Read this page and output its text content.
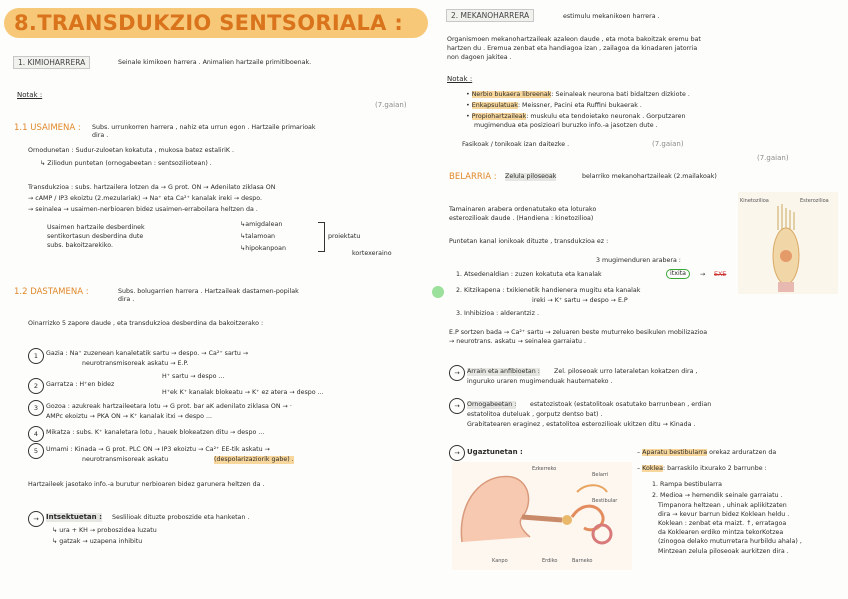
8.TRANSDUKZIO SENTSORIALA :
1. KIMIOHARRERA	Seinale kimikoen harrera . Animalien hartzaile primitiboenak.
Notak :
(7.gaian)
1.1 USAIMENA : Subs. urrunkorren harrera , nahiz eta urrun egon . Hartzaile primarioak
dira .
Ornodunetan : Sudur-zuloetan kokatuta , mukosa batez estaliriK .
↳ Ziliodun puntetan (ornogabeetan : sentsoziliotean) .
Transdukzioa : subs. hartzailera lotzen da → G prot. ON → Adenilato ziklasa ON
→ cAMP / IP3 ekoiztu (2.mezulariak) → Na⁺ eta Ca²⁺ kanalak ireki → despo.
→ seinalea → usaimen-nerbioaren bidez usaimen-erraboilara heltzen da .
Usaimen hartzaile desberdinek
sentikortasun desberdina dute
subs. bakoitzarekiko.
↳amigdalean
↳talamoan
↳hipokanpoan
proiektatu
kortexeraino
1.2 DASTAMENA :	Subs. bolugarrien harrera . Hartzaileak dastamen-popilak
dira .
Oinarrizko 5 zapore daude , eta transdukzioa desberdina da bakoitzerako :
1	Gazia : Na⁺ zuzenean kanaletatik sartu → despo. → Ca²⁺ sartu →
neurotransmisoreak askatu → E.P.
2	Garratza : H⁺en bidez
H⁺ sartu → despo ...
H⁺ek K⁺ kanalak blokeatu → K⁺ ez atera → despo ...
3	Gozoa : azukreak hartzaileetara lotu → G prot. bar aK adenilato ziklasa ON → ·
AMPc ekoiztu → PKA ON → K⁺ kanalak itxi → despo ...
4	Mikatza : subs. K⁺ kanaletara lotu , hauek blokeatzen ditu → despo ...
5	Umami : Kinada → G prot. PLC ON → IP3 ekoiztu → Ca²⁺ EE-tik askatu →
neurotransmisoreak askatu	(despolarizaziorik gabe) .
Hartzaileek jasotako info.-a burutur nerbioaren bidez garunera heltzen da .
→	Intsektuetan : Seslilioak dituzte proboszide eta hanketan .
↳ ura + KH → proboszidea luzatu
↳ gatzak → uzapena inhibitu
2. MEKANOHARRERA	estimulu mekanikoen harrera .
Organismoen mekanohartzaileak azaleon daude , eta mota bakoitzak eremu bat
hartzen du . Eremua zenbat eta handiagoa izan , zailagoa da kinadaren jatorria
non dagoen jakitea .
Notak :
• Nerbio bukaera libreenak: Seinaleak neurona bati bidaltzen dizkiote .
• Enkapsulatuak: Meissner, Pacini eta Ruffini bukaerak .
• Propiohartzaileak: muskulu eta tendoietako neuronak . Gorputzaren
mugimendua eta posizioari buruzko info.-a jasotzen dute .
Fasikoak / tonikoak izan daitezke .	(7.gaian)
(7.gaian)
BELARRIA : Zelula piloseoak	belarriko mekanohartzaileak (2.mailakoak)
Tamainaren arabera ordenatutako eta loturako
esterozilioak daude . (Handiena : kinetozilioa)
Puntetan kanal ionikoak dituzte , transdukzioa ez :
3 mugimenduren arabera :
1. Atsedenaldian : zuzen kokatuta eta kanalak	itxita	→ EXE
2. Kitzikapena : txikienetik handienera mugitu eta kanalak
ireki → K⁺ sartu → despo → E.P
3. Inhibizioa : alderantziz .
E.P sortzen bada → Ca²⁺ sartu → zeluaren beste muturreko besikulen mobilizazioa
→ neurotrans. askatu → seinalea garraiatu .
→	Arrain eta anfibioetan : Zel. piloseoak urro lateraletan kokatzen dira ,
inguruko uraren mugimenduak hautemateko .
→	Ornogabeetan : estatozistoak (estatolitoak osatutako barrunbean , erdian
estatolitoa duteluak , gorputz dentso bat) .
Grabitatearen eraginez , estatolitoa esterozilioak ukitzen ditu → Kinada .
→	Ugaztunetan :	– Aparatu bestibularra orekaz arduratzen da
– Koklea: barraskilo itxurako 2 barrunbe :
1. Rampa bestibularra
2. Medioa → hemendik seinale garraiatu .
Timpanora heltzean , uhinak aplikitzaten
dira → kevur barrun bidez Koklean heldu .
Koklean : zenbat eta maizt. ↑, erratagoa
da Koklearen erdiko mintza tekorKotzea
(zinogoa delako muturretara hurbildu ahala) ,
Mintzean zelula piloseoak aurkitzen dira .
Kinetozilioa	Esterozilioa
Ezkerreko
Belarri
Bestibular
Erdiko	Barneko
Kanpo
